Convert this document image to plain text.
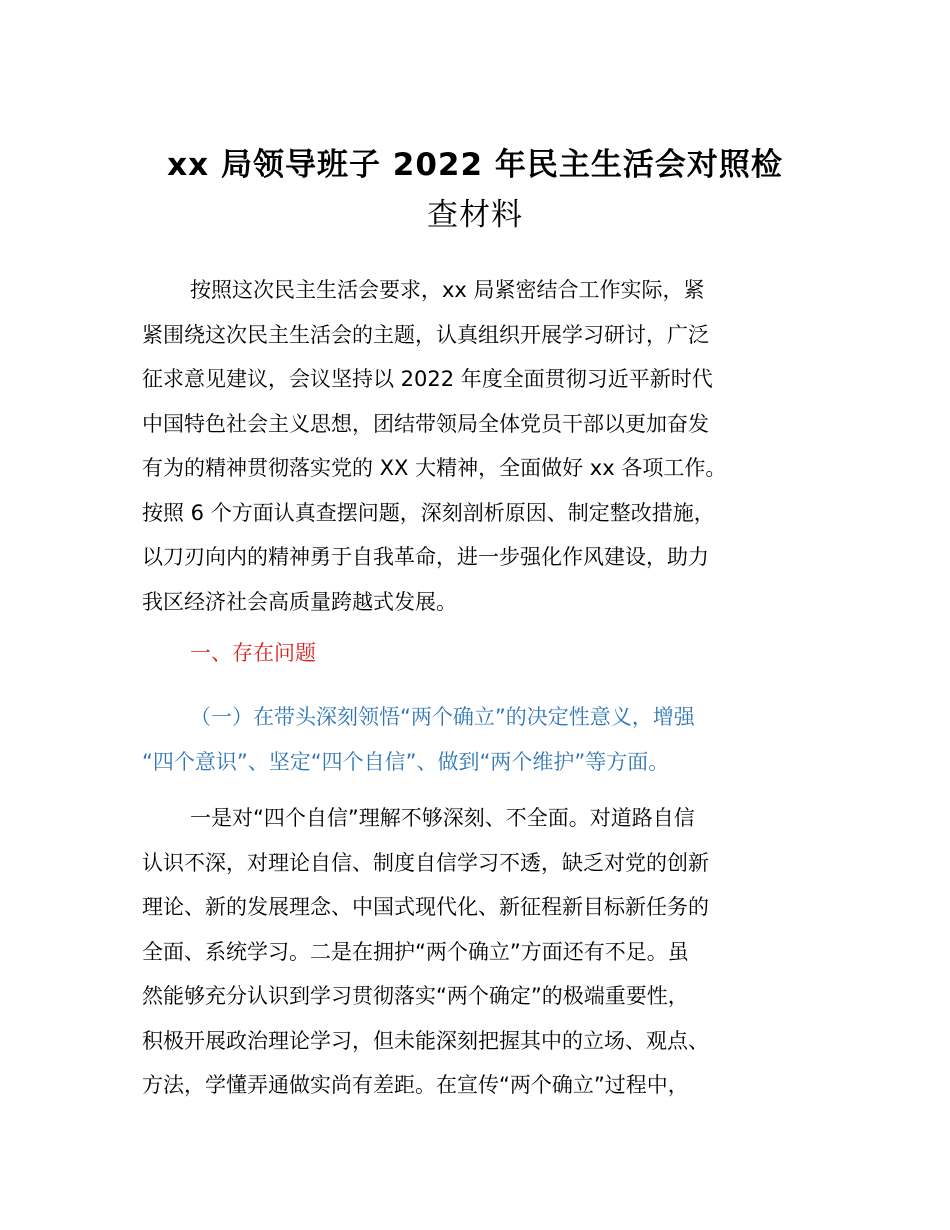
xx 局领导班子 2022 年民主生活会对照检
查材料
按照这次民主生活会要求，xx 局紧密结合工作实际，紧
紧围绕这次民主生活会的主题，认真组织开展学习研讨，广泛
征求意见建议，会议坚持以 2022 年度全面贯彻习近平新时代
中国特色社会主义思想，团结带领局全体党员干部以更加奋发
有为的精神贯彻落实党的 XX 大精神，全面做好 xx 各项工作。
按照 6 个方面认真查摆问题，深刻剖析原因、制定整改措施，
以刀刃向内的精神勇于自我革命，进一步强化作风建设，助力
我区经济社会高质量跨越式发展。
一、存在问题
（一）在带头深刻领悟“两个确立”的决定性意义，增强
“四个意识”、坚定“四个自信”、做到“两个维护”等方面。
一是对“四个自信”理解不够深刻、不全面。对道路自信
认识不深，对理论自信、制度自信学习不透，缺乏对党的创新
理论、新的发展理念、中国式现代化、新征程新目标新任务的
全面、系统学习。二是在拥护“两个确立”方面还有不足。虽
然能够充分认识到学习贯彻落实“两个确定”的极端重要性，
积极开展政治理论学习，但未能深刻把握其中的立场、观点、
方法，学懂弄通做实尚有差距。在宣传“两个确立”过程中，
